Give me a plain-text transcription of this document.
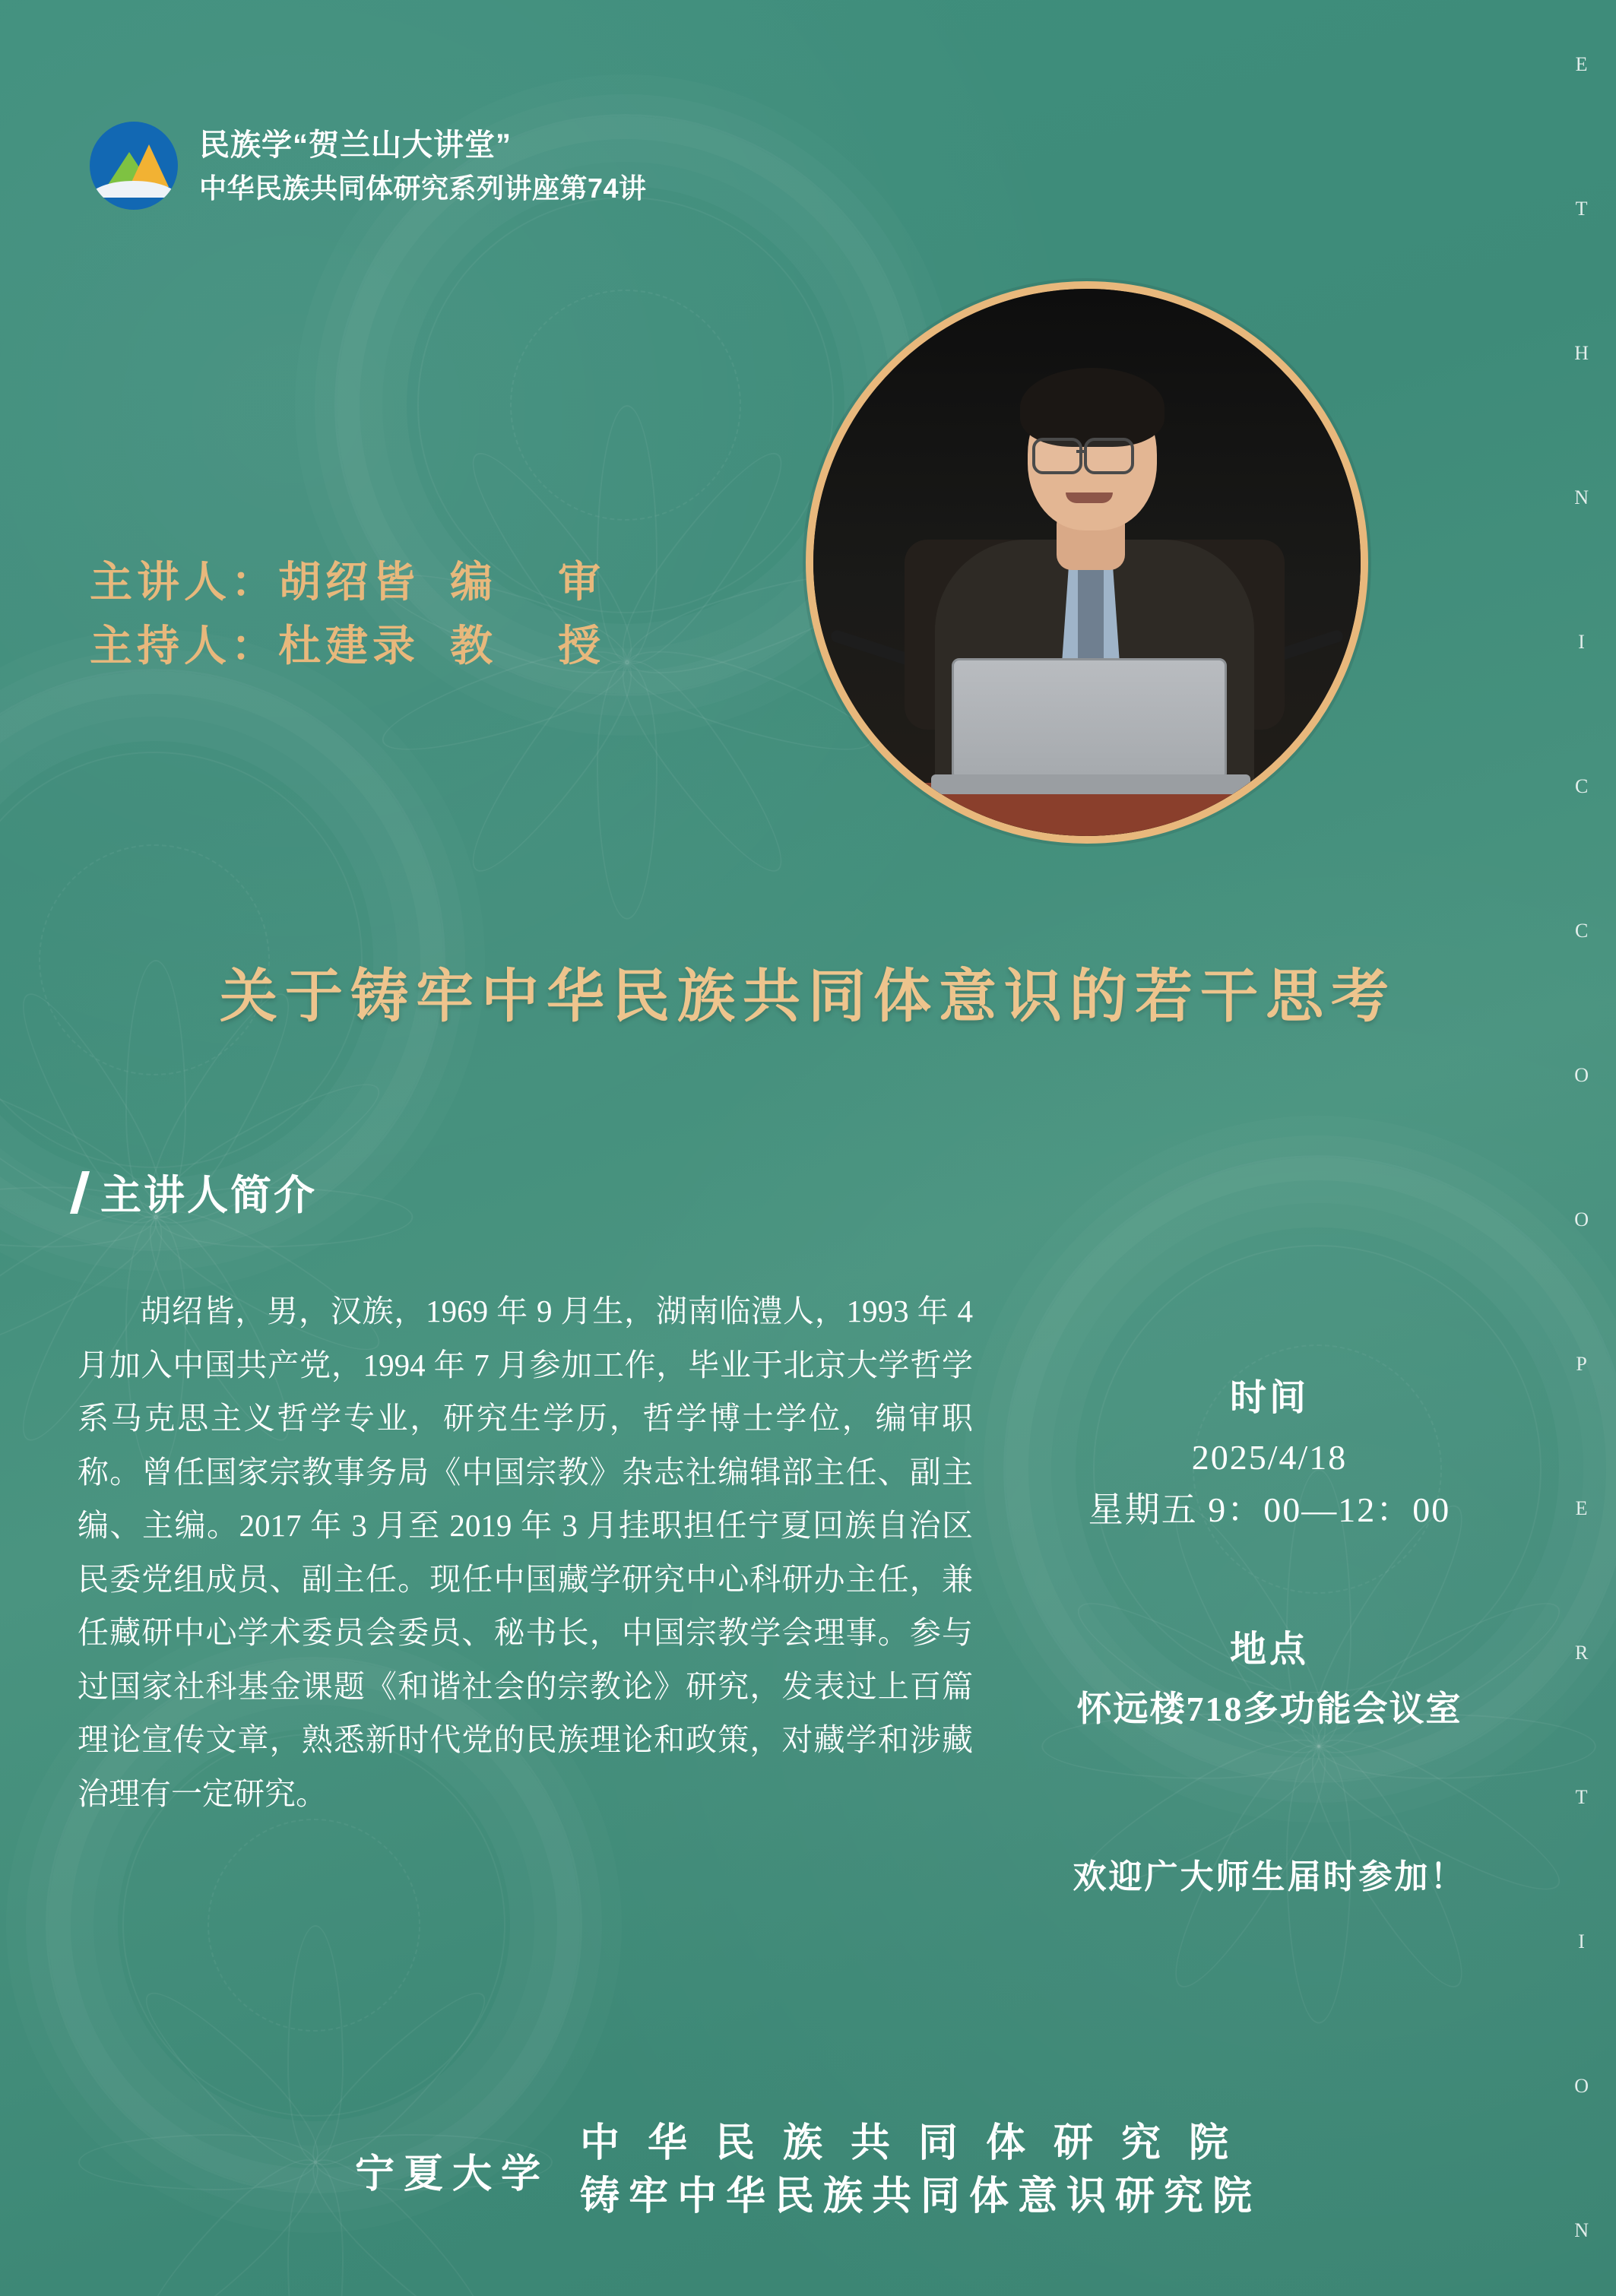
E
T
H
N
I
C
C
O
O
P
E
R
T
I
O
N
民族学“贺兰山大讲堂”
中华民族共同体研究系列讲座第74讲
主讲人：胡绍皆  编    审
主持人：杜建录  教    授
关于铸牢中华民族共同体意识的若干思考
主讲人简介

胡绍皆，男，汉族，1969 年 9 月生，湖南临澧人，1993 年 4 月加入中国共产党，1994 年 7 月参加工作，毕业于北京大学哲学系马克思主义哲学专业，研究生学历，哲学博士学位，编审职称。曾任国家宗教事务局《中国宗教》杂志社编辑部主任、副主编、主编。2017 年 3 月至 2019 年 3 月挂职担任宁夏回族自治区民委党组成员、副主任。现任中国藏学研究中心科研办主任，兼任藏研中心学术委员会委员、秘书长，中国宗教学会理事。参与过国家社科基金课题《和谐社会的宗教论》研究，发表过上百篇理论宣传文章，熟悉新时代党的民族理论和政策，对藏学和涉藏治理有一定研究。

时间
2025/4/18
星期五 9：00—12：00
地点
怀远楼718多功能会议室
欢迎广大师生届时参加！
宁夏大学
中 华 民 族 共 同 体 研 究 院
铸牢中华民族共同体意识研究院
